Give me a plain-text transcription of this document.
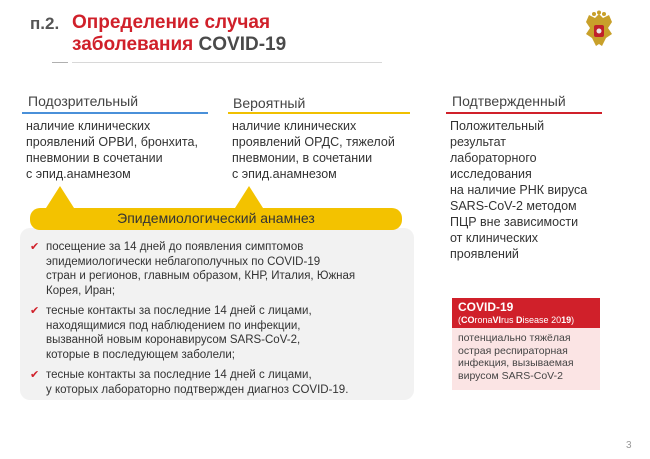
п.2. Определение случая
заболевания COVID-19
Подозрительный
наличие клинических
проявлений ОРВИ, бронхита,
пневмонии в сочетании
с эпид.анамнезом
Вероятный
наличие клинических
проявлений ОРДС, тяжелой
пневмонии, в сочетании
с эпид.анамнезом
Подтвержденный
Положительный
результат
лабораторного
исследования
на наличие РНК вируса
SARS-CoV-2 методом
ПЦР вне зависимости
от клинических
проявлений
Эпидемиологический анамнез
✔ посещение за 14 дней до появления симптомов
эпидемиологически неблагополучных по COVID-19
стран и регионов, главным образом, КНР, Италия, Южная
Корея, Иран;
✔ тесные контакты за последние 14 дней с лицами,
находящимися под наблюдением по инфекции,
вызванной новым коронавирусом SARS-CoV-2,
которые в последующем заболели;
✔ тесные контакты за последние 14 дней с лицами,
у которых лабораторно подтвержден диагноз COVID-19.
COVID-19
(COronaVIrus Disease 2019)
потенциально тяжёлая
острая респираторная
инфекция, вызываемая
вирусом SARS-CoV-2
3
